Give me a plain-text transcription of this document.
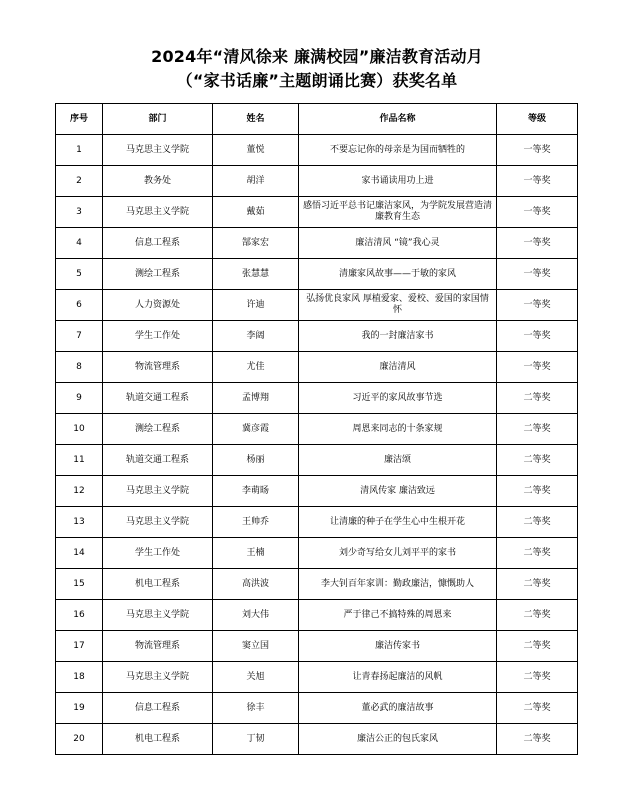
2024年“清风徐来 廉满校园”廉洁教育活动月
（“家书话廉”主题朗诵比赛）获奖名单
序号	部门	姓名	作品名称	等级
1	马克思主义学院	董悦	不要忘记你的母亲是为国而牺牲的	一等奖
2	教务处	胡洋	家书诵读用功上进	一等奖
3	马克思主义学院	戴茹	感悟习近平总书记廉洁家风，为学院发展营造清廉教育生态	一等奖
4	信息工程系	郜家宏	廉洁清风 “镜”我心灵	一等奖
5	测绘工程系	张慧慧	清廉家风故事——于敏的家风	一等奖
6	人力资源处	许迪	弘扬优良家风 厚植爱家、爱校、爱国的家国情怀	一等奖
7	学生工作处	李阔	我的一封廉洁家书	一等奖
8	物流管理系	尤佳	廉洁清风	一等奖
9	轨道交通工程系	孟博翔	习近平的家风故事节选	二等奖
10	测绘工程系	冀彦霞	周恩来同志的十条家规	二等奖
11	轨道交通工程系	杨丽	廉洁颂	二等奖
12	马克思主义学院	李萌旸	清风传家 廉洁致远	二等奖
13	马克思主义学院	王帅乔	让清廉的种子在学生心中生根开花	二等奖
14	学生工作处	王楠	刘少奇写给女儿刘平平的家书	二等奖
15	机电工程系	高洪波	李大钊百年家训：勤政廉洁，慷慨助人	二等奖
16	马克思主义学院	刘大伟	严于律己不搞特殊的周恩来	二等奖
17	物流管理系	窦立国	廉洁传家书	二等奖
18	马克思主义学院	关旭	让青春扬起廉洁的风帆	二等奖
19	信息工程系	徐丰	董必武的廉洁故事	二等奖
20	机电工程系	丁韧	廉洁公正的包氏家风	二等奖
